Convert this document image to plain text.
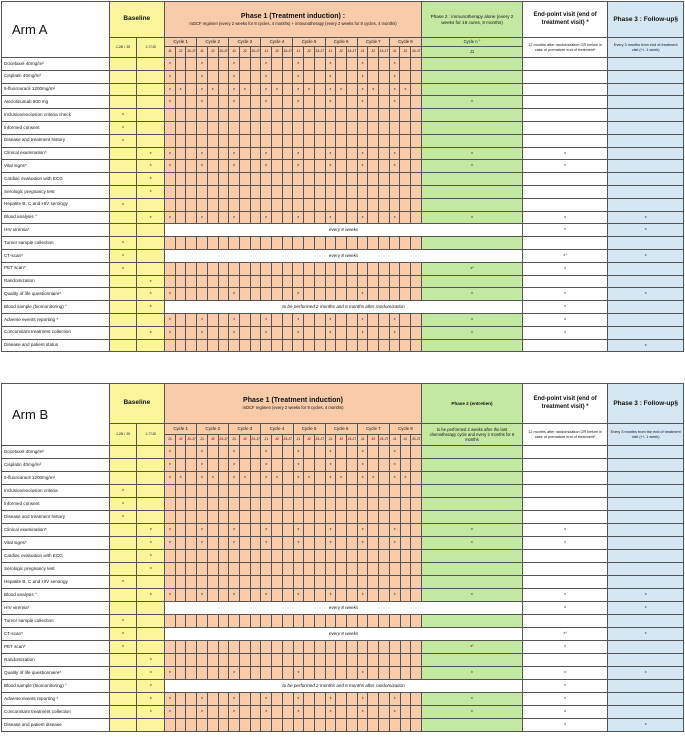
Arm A	Baseline		Phase 1 (Treatment induction) :
mDCF regimen (every 2 weeks for 8 cycles, 4 months) + immunotherapy (every 2 weeks for 8 cycles, 4 months)																								Phase 2 : immunotherapy alone (every 2 weeks for 16 cures, 8 months)	End-point visit (end of treatment visit) *	Phase 3 : Follow-up§
	J-28 / J0	J-7/J0	Cycle 1			Cycle 2			Cycle 3			Cycle 4			Cycle 5			Cycle 6			Cycle 7			Cycle 8			Cycle n °	12 months after randomization OR before in case of premature end of treatment*	Every 3 months from end of treatment visit (+/- 1 week)
			J1	J2	J3-J7	J1	J2	J3-J7	J1	J2	J3-J7	J1	J2	J3-J7	J1	J2	J3-J7	J1	J2	J3-J7	J1	J2	J3-J7	J1	J2	J3-J7	J1		
Docetaxel 40mg/m²			x			x			x			x			x			x			x			x					
Cisplatin 40mg/m²			x			x			x			x			x			x			x			x					
5-fluorouracil 1200mg/m²			x	x		x	x		x	x		x	x		x	x		x	x		x	x		x	x				
Atezolizumab 800 mg			x			x			x			x			x			x			x			x			x		
Inclusion/exclusion criteria check	x																												
Informed consent	x																												
Disease and treatment history	x																												
Clinical examination*		x	x			x			x			x			x			x			x			x			x	x	
Vital signs*		x	x			x			x			x			x			x			x			x			x	x	
Cardiac evaluation with ECG		x																											
Serologic pregnancy test		x																											
Hepatite B, C and HIV serology	x																												
Blood analysis °		x	x			x			x			x			x			x			x			x			x	x	x
HIV viremia*			every 8 weeks																									x	x
Tumor sample collection	x																												
CT-scan*	x		every 8 weeks																									x*	x
PET scan*	x																										x*	x	
Randomization		x																											
Quality of life questionnaire*		x	x						x						x						x						x	x	x
Blood sample (biomonitoring) °		x	to be performed 2 months and 6 months after randomization																									x	
Adverse events reporting *			x			x			x			x			x			x			x			x			x	x	
Concomitant treatment collection		x	x			x			x			x			x			x			x			x			x	x	
Disease and patient status																													x
Arm B	Baseline		Phase 1 (Treatment induction)
mDCF regimen (every 2 weeks for 8 cycles, 4 months)																								Phase 2 (entretien)	End-point visit (end of treatment visit) *	Phase 3 : Follow-up§
	J-28 / J0	J-7/J0	Cycle 1			Cycle 2			Cycle 3			Cycle 4			Cycle 5			Cycle 6			Cycle 7			Cycle 8			to be performed 2 weeks after the last chemotherapy cycle and every 2 months for 8 months	12 months after randomization OR before in case of premature end of treatment*	Every 3 months from the end of treatment visit (+/- 1 week)
			J1	J2	J3-J7	J1	J2	J3-J7	J1	J2	J3-J7	J1	J2	J3-J7	J1	J2	J3-J7	J1	J2	J3-J7	J1	J2	J3-J7	J1	J2	J3-J7			
Docetaxel 40mg/m²			x			x			x			x			x			x			x			x					
Cisplatin 40mg/m²			x			x			x			x			x			x			x			x					
5-fluorouracil 1200mg/m²			x	x		x	x		x	x		x	x		x	x		x	x		x	x		x	x				
Inclusion/exclusion criteria	x																												
Informed consent	x																												
Disease and treatment history	x																												
Clinical examination*		x	x			x			x			x			x			x			x			x			x	x	
Vital signs*		x	x			x			x			x			x			x			x			x			x	x	
Cardiac evaluation with ECG		x																											
Serologic pregnancy test		x																											
Hepatite B, C and HIV serology	x																												
Blood analysis °		x	x			x			x			x			x			x			x			x			x	x	x
HIV viremia*			every 8 weeks																									x	x
Tumor sample collection	x																												
CT-scan*	x		every 8 weeks																									x*	x
PET scan*	x																										x*	x	
Randomization		x																											
Quality of life questionnaire*		x	x						x						x						x						x	x	x
Blood sample (biomonitoring) °		x	to be performed 2 months and 6 months after randomization																									x	
Adverse events reporting *		x	x			x			x			x			x			x			x			x			x	x	
Concomitant treatment collection		x	x			x			x			x			x			x			x			x			x	x	
Disease and patient disease																												x	x
